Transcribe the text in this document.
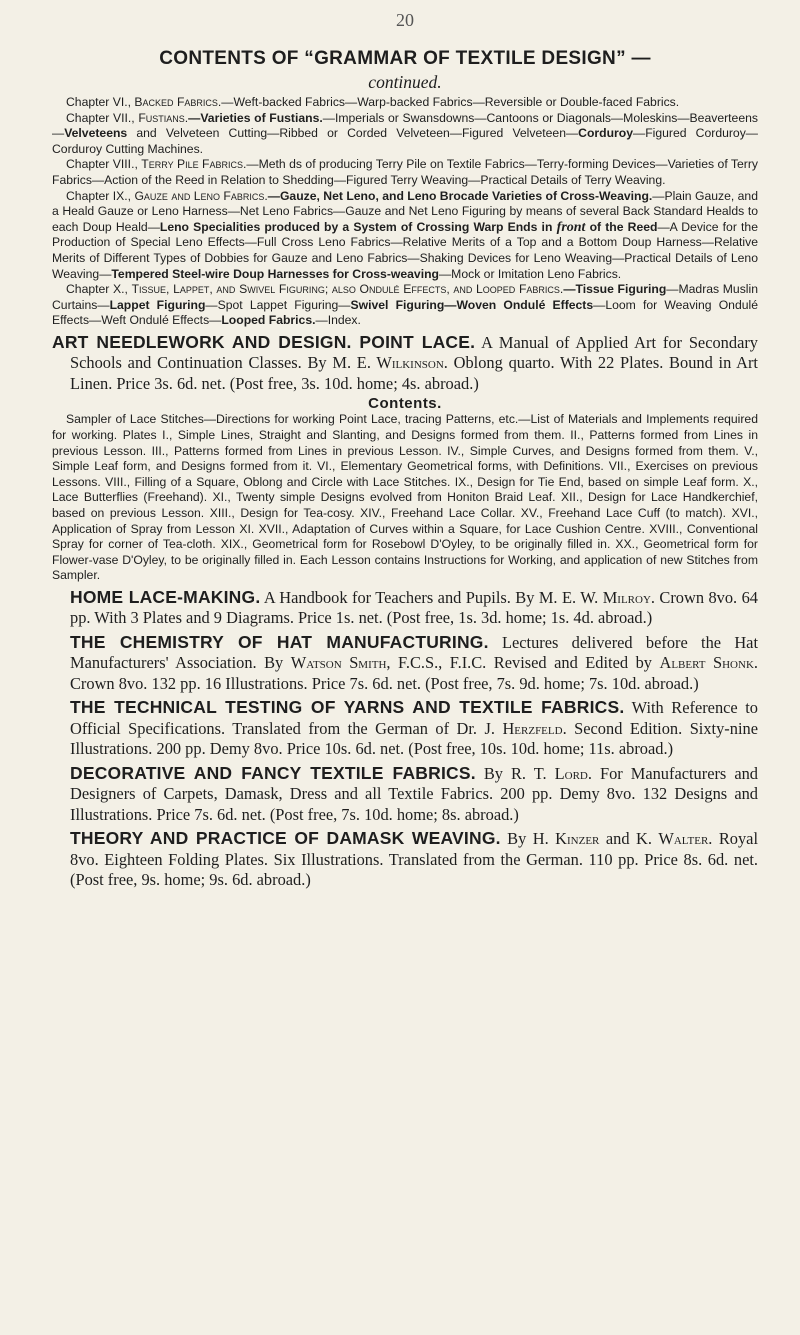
20
CONTENTS OF “GRAMMAR OF TEXTILE DESIGN” —
continued.

Chapter VI., Backed Fabrics.—Weft-backed Fabrics—Warp-backed Fabrics—Reversible or Double-faced Fabrics.

Chapter VII., Fustians.—Varieties of Fustians.—Imperials or Swansdowns—Cantoons or Diagonals—Moleskins—Beaverteens—Velveteens and Velveteen Cutting—Ribbed or Corded Velveteen—Figured Velveteen—Corduroy—Figured Corduroy—Corduroy Cutting Machines.

Chapter VIII., Terry Pile Fabrics.—Meth ds of producing Terry Pile on Textile Fabrics—Terry-forming Devices—Varieties of Terry Fabrics—Action of the Reed in Relation to Shedding—Figured Terry Weaving—Practical Details of Terry Weaving.

Chapter IX., Gauze and Leno Fabrics.—Gauze, Net Leno, and Leno Brocade Varieties of Cross-Weaving.—Plain Gauze, and a Heald Gauze or Leno Harness—Net Leno Fabrics—Gauze and Net Leno Figuring by means of several Back Standard Healds to each Doup Heald—Leno Specialities produced by a System of Crossing Warp Ends in front of the Reed—A Device for the Production of Special Leno Effects—Full Cross Leno Fabrics—Relative Merits of a Top and a Bottom Doup Harness—Relative Merits of Different Types of Dobbies for Gauze and Leno Fabrics—Shaking Devices for Leno Weaving—Practical Details of Leno Weaving—Tempered Steel-wire Doup Harnesses for Cross-weaving—Mock or Imitation Leno Fabrics.

Chapter X., Tissue, Lappet, and Swivel Figuring; also Ondulé Effects, and Looped Fabrics.—Tissue Figuring—Madras Muslin Curtains—Lappet Figuring—Spot Lappet Figuring—Swivel Figuring—Woven Ondulé Effects—Loom for Weaving Ondulé Effects—Weft Ondulé Effects—Looped Fabrics.—Index.

ART NEEDLEWORK AND DESIGN. POINT LACE. A Manual of Applied Art for Secondary Schools and Continuation Classes. By M. E. Wilkinson. Oblong quarto. With 22 Plates. Bound in Art Linen. Price 3s. 6d. net. (Post free, 3s. 10d. home; 4s. abroad.)

Contents.

Sampler of Lace Stitches—Directions for working Point Lace, tracing Patterns, etc.—List of Materials and Implements required for working. Plates I., Simple Lines, Straight and Slanting, and Designs formed from them. II., Patterns formed from Lines in previous Lesson. III., Patterns formed from Lines in previous Lesson. IV., Simple Curves, and Designs formed from them. V., Simple Leaf form, and Designs formed from it. VI., Elementary Geometrical forms, with Definitions. VII., Exercises on previous Lessons. VIII., Filling of a Square, Oblong and Circle with Lace Stitches. IX., Design for Tie End, based on simple Leaf form. X., Lace Butterflies (Freehand). XI., Twenty simple Designs evolved from Honiton Braid Leaf. XII., Design for Lace Handkerchief, based on previous Lesson. XIII., Design for Tea-cosy. XIV., Freehand Lace Collar. XV., Freehand Lace Cuff (to match). XVI., Application of Spray from Lesson XI. XVII., Adaptation of Curves within a Square, for Lace Cushion Centre. XVIII., Conventional Spray for corner of Tea-cloth. XIX., Geometrical form for Rosebowl D'Oyley, to be originally filled in. XX., Geometrical form for Flower-vase D'Oyley, to be originally filled in. Each Lesson contains Instructions for Working, and application of new Stitches from Sampler.

HOME LACE-MAKING. A Handbook for Teachers and Pupils. By M. E. W. Milroy. Crown 8vo. 64 pp. With 3 Plates and 9 Diagrams. Price 1s. net. (Post free, 1s. 3d. home; 1s. 4d. abroad.)

THE CHEMISTRY OF HAT MANUFACTURING. Lectures delivered before the Hat Manufacturers' Association. By Watson Smith, F.C.S., F.I.C. Revised and Edited by Albert Shonk. Crown 8vo. 132 pp. 16 Illustrations. Price 7s. 6d. net. (Post free, 7s. 9d. home; 7s. 10d. abroad.)

THE TECHNICAL TESTING OF YARNS AND TEXTILE FABRICS. With Reference to Official Specifications. Translated from the German of Dr. J. Herzfeld. Second Edition. Sixty-nine Illustrations. 200 pp. Demy 8vo. Price 10s. 6d. net. (Post free, 10s. 10d. home; 11s. abroad.)

DECORATIVE AND FANCY TEXTILE FABRICS. By R. T. Lord. For Manufacturers and Designers of Carpets, Damask, Dress and all Textile Fabrics. 200 pp. Demy 8vo. 132 Designs and Illustrations. Price 7s. 6d. net. (Post free, 7s. 10d. home; 8s. abroad.)

THEORY AND PRACTICE OF DAMASK WEAVING. By H. Kinzer and K. Walter. Royal 8vo. Eighteen Folding Plates. Six Illustrations. Translated from the German. 110 pp. Price 8s. 6d. net. (Post free, 9s. home; 9s. 6d. abroad.)
